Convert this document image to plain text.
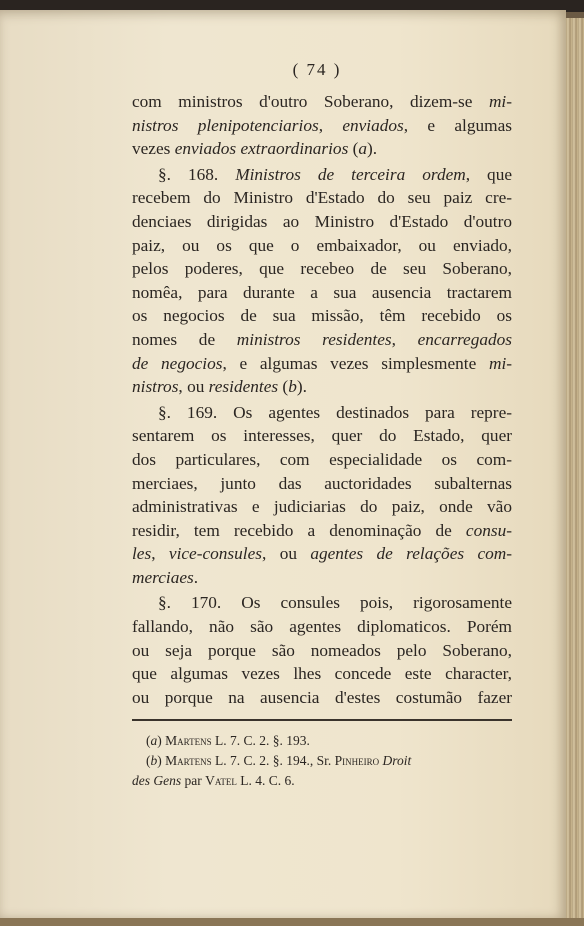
( 74 )
com ministros d'outro Soberano, dizem-se mi-
nistros plenipotenciarios, enviados, e algumas
vezes enviados extraordinarios (a).
§. 168. Ministros de terceira ordem, que
recebem do Ministro d'Estado do seu paiz cre-
denciaes dirigidas ao Ministro d'Estado d'outro
paiz, ou os que o embaixador, ou enviado,
pelos poderes, que recebeo de seu Soberano,
nomêa, para durante a sua ausencia tractarem
os negocios de sua missão, têm recebido os
nomes de ministros residentes, encarregados
de negocios, e algumas vezes simplesmente mi-
nistros, ou residentes (b).
§. 169. Os agentes destinados para repre-
sentarem os interesses, quer do Estado, quer
dos particulares, com especialidade os com-
merciaes, junto das auctoridades subalternas
administrativas e judiciarias do paiz, onde vão
residir, tem recebido a denominação de consu-
les, vice-consules, ou agentes de relações com-
merciaes.
§. 170. Os consules pois, rigorosamente
fallando, não são agentes diplomaticos. Porém
ou seja porque são nomeados pelo Soberano,
que algumas vezes lhes concede este character,
ou porque na ausencia d'estes costumão fazer
(a) Martens L. 7. C. 2. §. 193.
(b) Martens L. 7. C. 2. §. 194., Sr. Pinheiro Droit
des Gens par Vatel L. 4. C. 6.
